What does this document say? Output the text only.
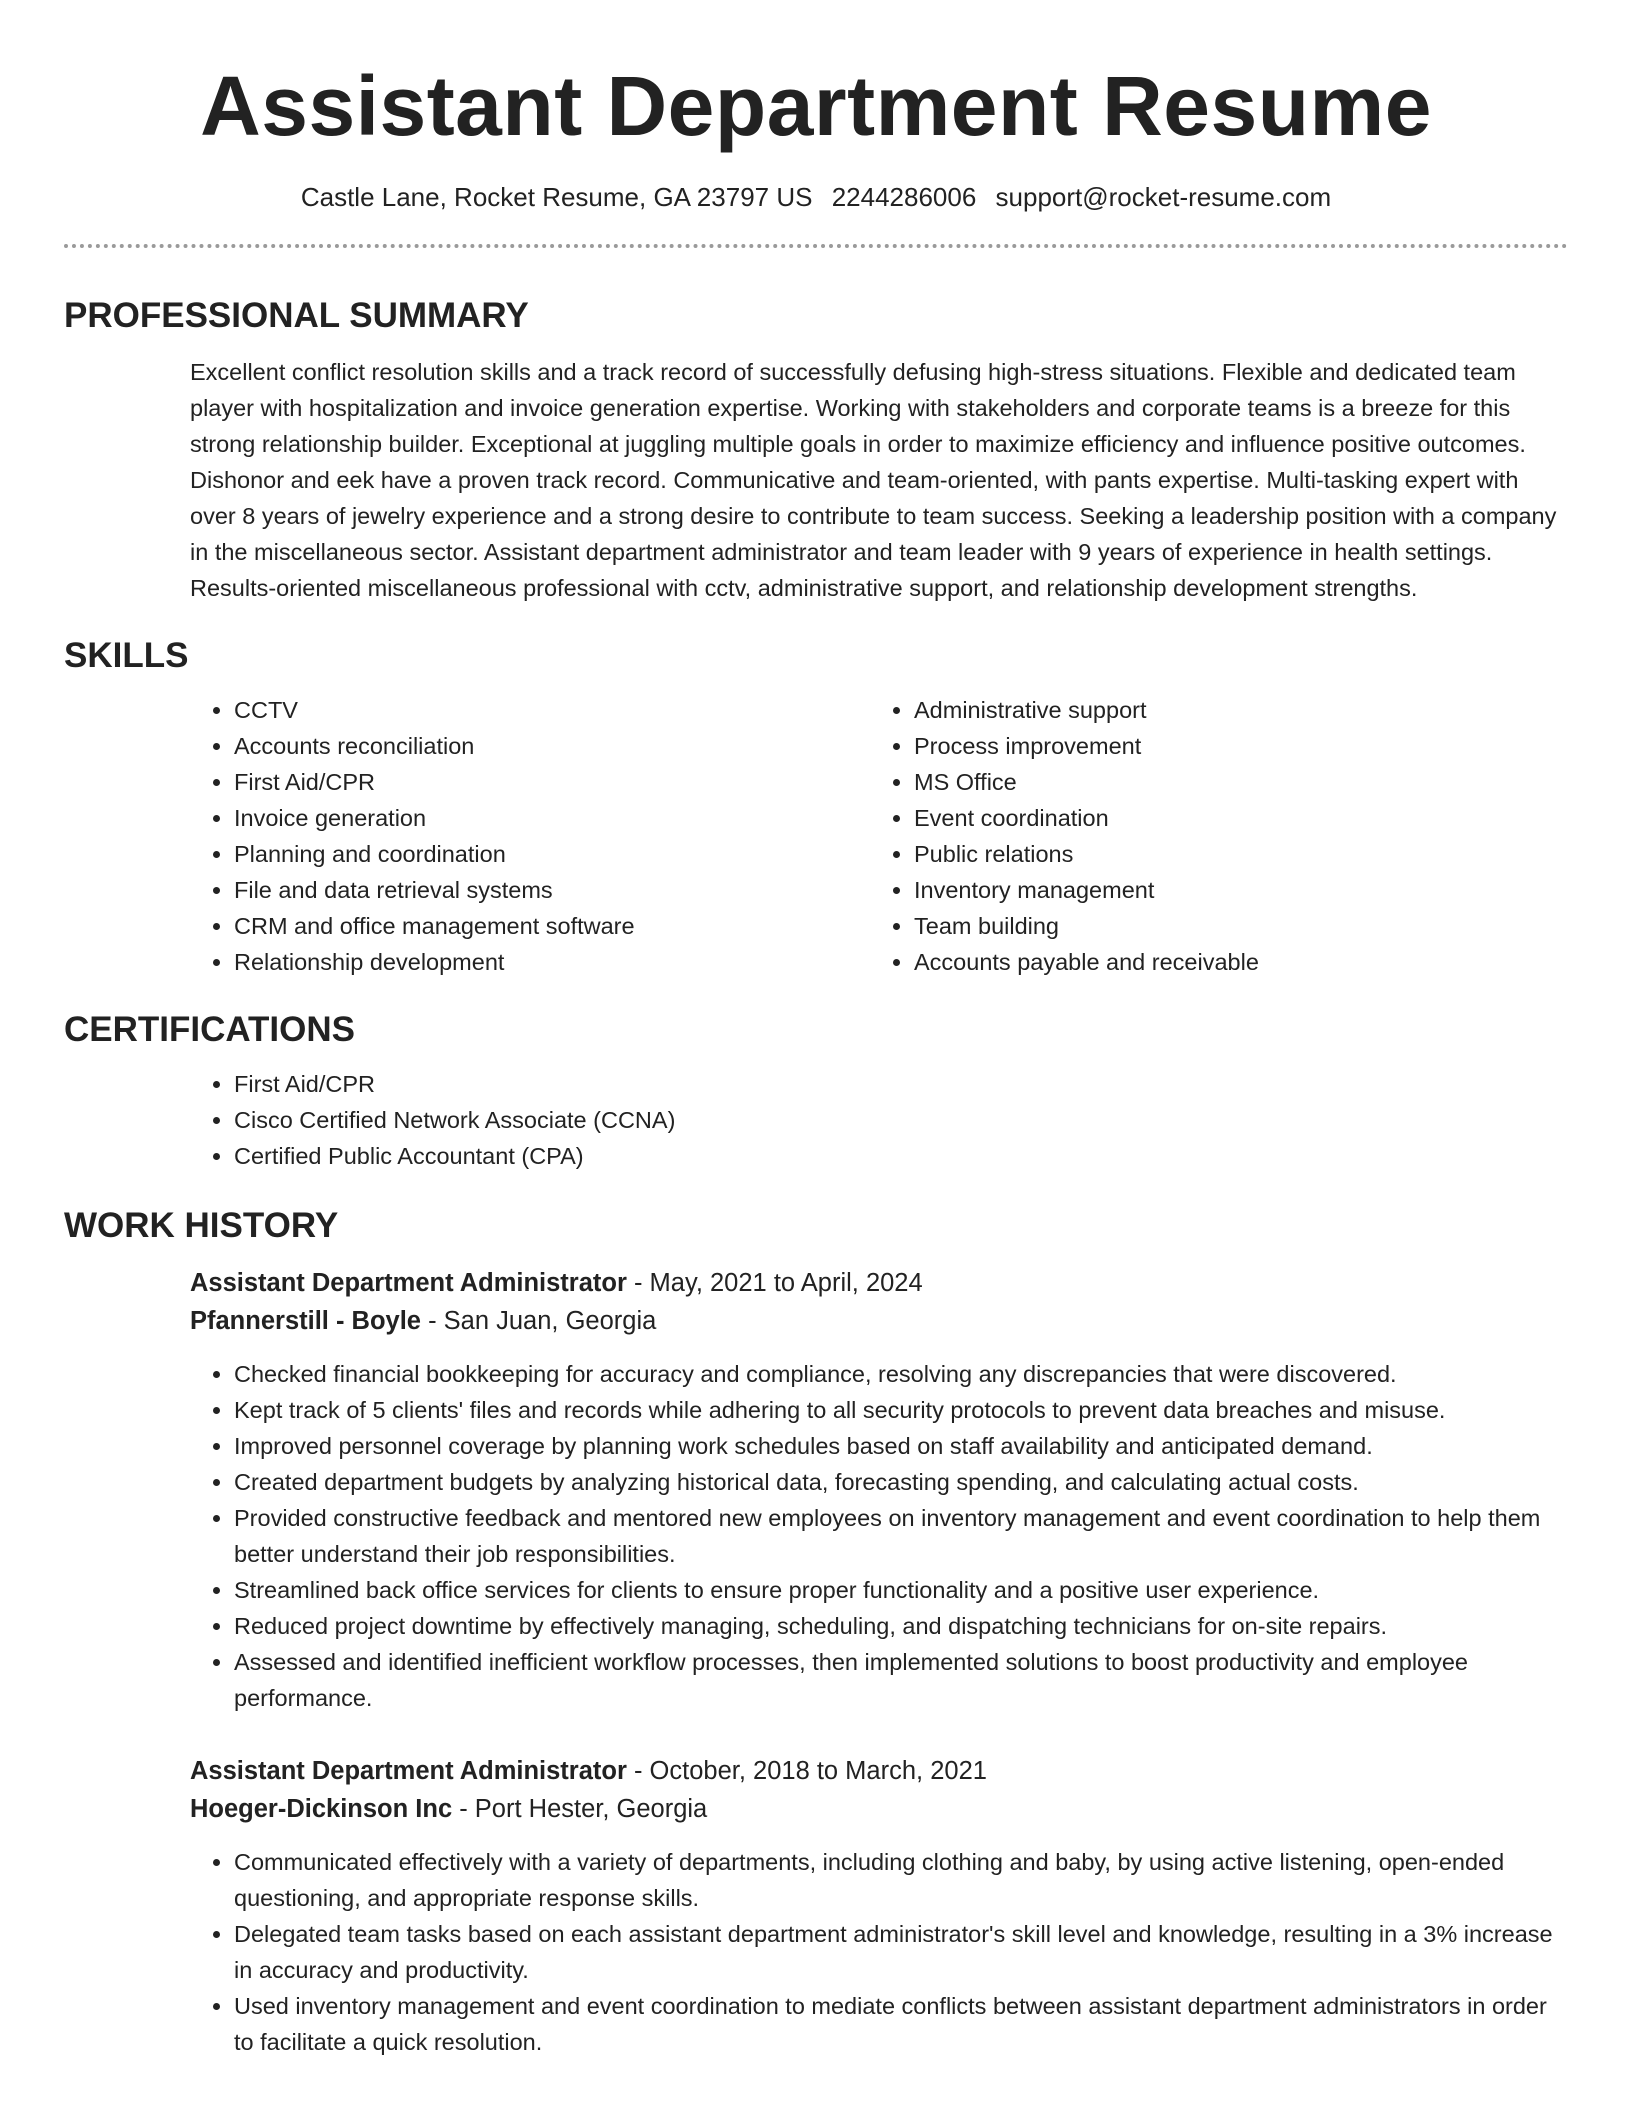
Assistant Department Resume
Castle Lane, Rocket Resume, GA 23797 US 2244286006 support@rocket-resume.com
PROFESSIONAL SUMMARY
Excellent conflict resolution skills and a track record of successfully defusing high-stress situations. Flexible and dedicated team player with hospitalization and invoice generation expertise. Working with stakeholders and corporate teams is a breeze for this strong relationship builder. Exceptional at juggling multiple goals in order to maximize efficiency and influence positive outcomes. Dishonor and eek have a proven track record. Communicative and team-oriented, with pants expertise. Multi-tasking expert with over 8 years of jewelry experience and a strong desire to contribute to team success. Seeking a leadership position with a company in the miscellaneous sector. Assistant department administrator and team leader with 9 years of experience in health settings. Results-oriented miscellaneous professional with cctv, administrative support, and relationship development strengths.
SKILLS
• CCTV
• Accounts reconciliation
• First Aid/CPR
• Invoice generation
• Planning and coordination
• File and data retrieval systems
• CRM and office management software
• Relationship development
• Administrative support
• Process improvement
• MS Office
• Event coordination
• Public relations
• Inventory management
• Team building
• Accounts payable and receivable
CERTIFICATIONS
• First Aid/CPR
• Cisco Certified Network Associate (CCNA)
• Certified Public Accountant (CPA)
WORK HISTORY
Assistant Department Administrator - May, 2021 to April, 2024
Pfannerstill - Boyle - San Juan, Georgia
• Checked financial bookkeeping for accuracy and compliance, resolving any discrepancies that were discovered.
• Kept track of 5 clients' files and records while adhering to all security protocols to prevent data breaches and misuse.
• Improved personnel coverage by planning work schedules based on staff availability and anticipated demand.
• Created department budgets by analyzing historical data, forecasting spending, and calculating actual costs.
• Provided constructive feedback and mentored new employees on inventory management and event coordination to help them better understand their job responsibilities.
• Streamlined back office services for clients to ensure proper functionality and a positive user experience.
• Reduced project downtime by effectively managing, scheduling, and dispatching technicians for on-site repairs.
• Assessed and identified inefficient workflow processes, then implemented solutions to boost productivity and employee performance.
Assistant Department Administrator - October, 2018 to March, 2021
Hoeger-Dickinson Inc - Port Hester, Georgia
• Communicated effectively with a variety of departments, including clothing and baby, by using active listening, open-ended questioning, and appropriate response skills.
• Delegated team tasks based on each assistant department administrator's skill level and knowledge, resulting in a 3% increase in accuracy and productivity.
• Used inventory management and event coordination to mediate conflicts between assistant department administrators in order to facilitate a quick resolution.
